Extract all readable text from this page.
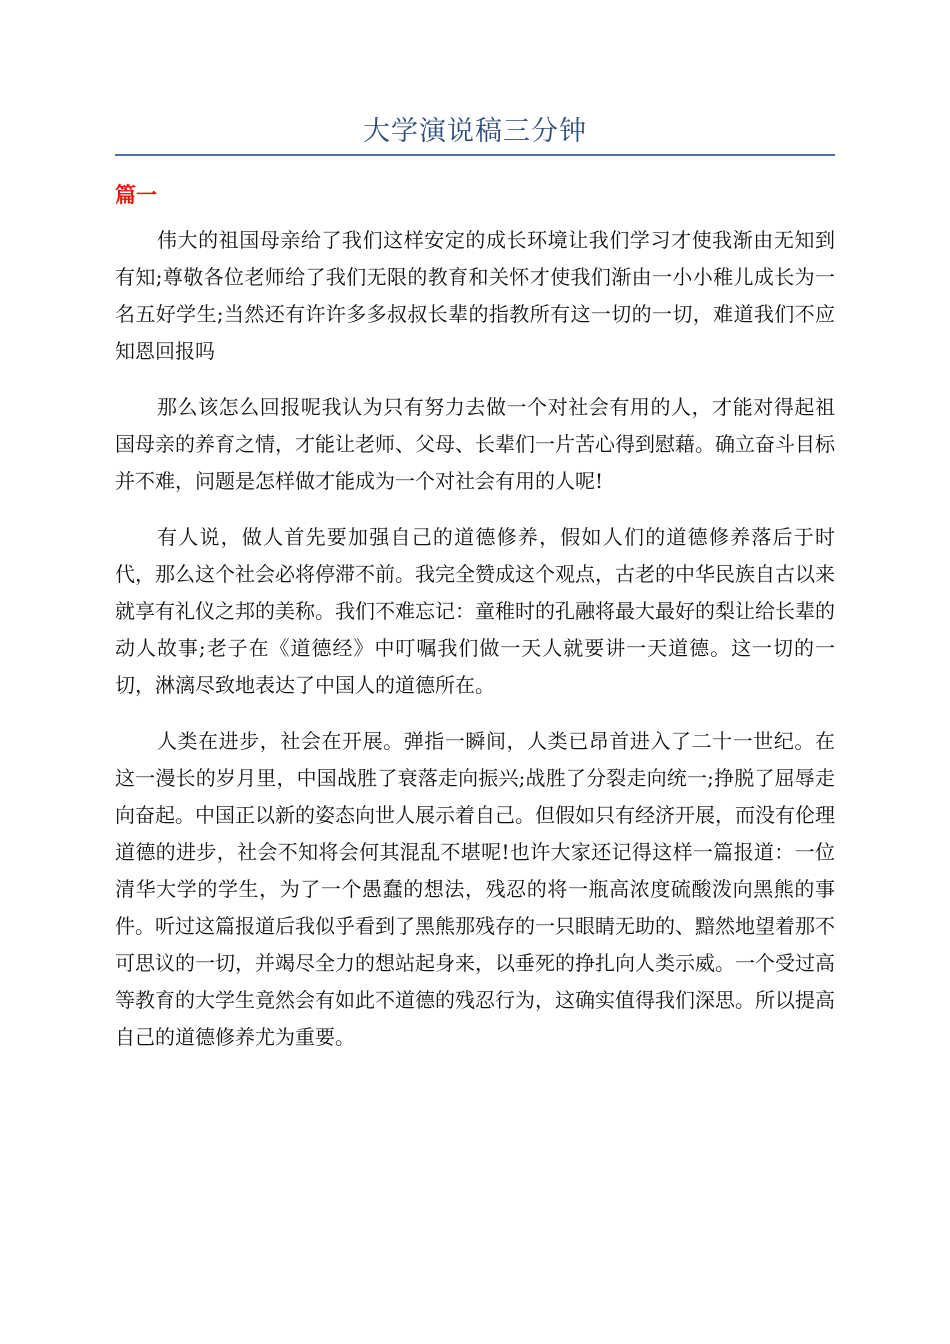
大学演说稿三分钟
篇一

伟大的祖国母亲给了我们这样安定的成长环境让我们学习才使我渐由无知到有知;尊敬各位老师给了我们无限的教育和关怀才使我们渐由一小小稚儿成长为一名五好学生;当然还有许许多多叔叔长辈的指教所有这一切的一切，难道我们不应知恩回报吗

那么该怎么回报呢我认为只有努力去做一个对社会有用的人，才能对得起祖国母亲的养育之情，才能让老师、父母、长辈们一片苦心得到慰藉。确立奋斗目标并不难，问题是怎样做才能成为一个对社会有用的人呢!

有人说，做人首先要加强自己的道德修养，假如人们的道德修养落后于时代，那么这个社会必将停滞不前。我完全赞成这个观点，古老的中华民族自古以来就享有礼仪之邦的美称。我们不难忘记：童稚时的孔融将最大最好的梨让给长辈的动人故事;老子在《道德经》中叮嘱我们做一天人就要讲一天道德。这一切的一切，淋漓尽致地表达了中国人的道德所在。

人类在进步，社会在开展。弹指一瞬间，人类已昂首进入了二十一世纪。在这一漫长的岁月里，中国战胜了衰落走向振兴;战胜了分裂走向统一;挣脱了屈辱走向奋起。中国正以新的姿态向世人展示着自己。但假如只有经济开展，而没有伦理道德的进步，社会不知将会何其混乱不堪呢!也许大家还记得这样一篇报道：一位清华大学的学生，为了一个愚蠢的想法，残忍的将一瓶高浓度硫酸泼向黑熊的事件。听过这篇报道后我似乎看到了黑熊那残存的一只眼睛无助的、黯然地望着那不可思议的一切，并竭尽全力的想站起身来，以垂死的挣扎向人类示威。一个受过高等教育的大学生竟然会有如此不道德的残忍行为，这确实值得我们深思。所以提高自己的道德修养尤为重要。
